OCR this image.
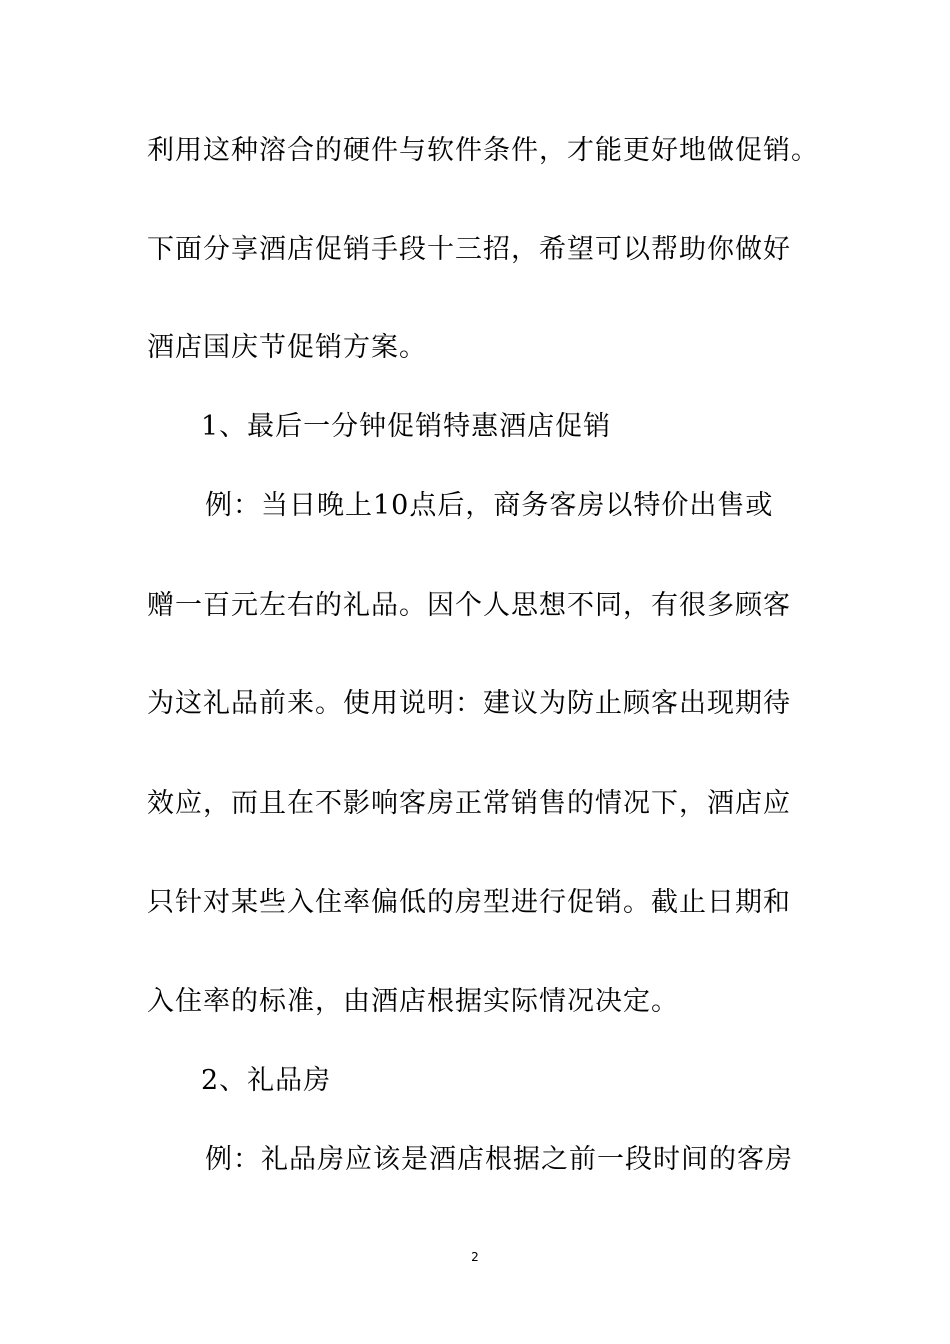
利用这种溶合的硬件与软件条件，才能更好地做促销。
下面分享酒店促销手段十三招，希望可以帮助你做好
酒店国庆节促销方案。
1、最后一分钟促销特惠酒店促销
例：当日晚上10点后，商务客房以特价出售或
赠一百元左右的礼品。因个人思想不同，有很多顾客
为这礼品前来。使用说明：建议为防止顾客出现期待
效应，而且在不影响客房正常销售的情况下，酒店应
只针对某些入住率偏低的房型进行促销。截止日期和
入住率的标准，由酒店根据实际情况决定。
2、礼品房
例：礼品房应该是酒店根据之前一段时间的客房
2
